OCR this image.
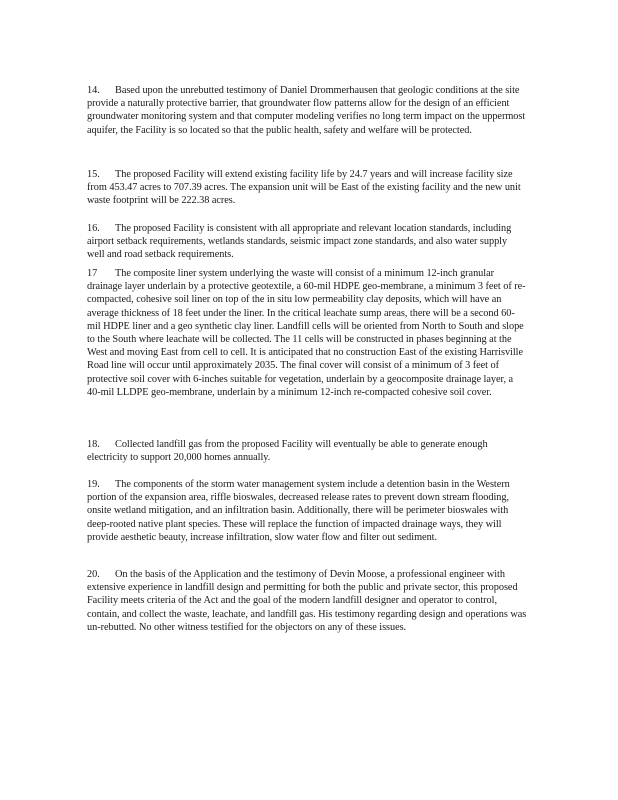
14. Based upon the unrebutted testimony of Daniel Drommerhausen that geologic conditions at the site provide a naturally protective barrier, that groundwater flow patterns allow for the design of an efficient groundwater monitoring system and that computer modeling verifies no long term impact on the uppermost aquifer, the Facility is so located so that the public health, safety and welfare will be protected.

15. The proposed Facility will extend existing facility life by 24.7 years and will increase facility size from 453.47 acres to 707.39 acres. The expansion unit will be East of the existing facility and the new unit waste footprint will be 222.38 acres.

16. The proposed Facility is consistent with all appropriate and relevant location standards, including airport setback requirements, wetlands standards, seismic impact zone standards, and also water supply well and road setback requirements.

17 The composite liner system underlying the waste will consist of a minimum 12-inch granular drainage layer underlain by a protective geotextile, a 60-mil HDPE geo-membrane, a minimum 3 feet of re-compacted, cohesive soil liner on top of the in situ low permeability clay deposits, which will have an average thickness of 18 feet under the liner. In the critical leachate sump areas, there will be a second 60-mil HDPE liner and a geo synthetic clay liner. Landfill cells will be oriented from North to South and slope to the South where leachate will be collected. The 11 cells will be constructed in phases beginning at the West and moving East from cell to cell. It is anticipated that no construction East of the existing Harrisville Road line will occur until approximately 2035. The final cover will consist of a minimum of 3 feet of protective soil cover with 6-inches suitable for vegetation, underlain by a geocomposite drainage layer, a 40-mil LLDPE geo-membrane, underlain by a minimum 12-inch re-compacted cohesive soil cover.

18. Collected landfill gas from the proposed Facility will eventually be able to generate enough electricity to support 20,000 homes annually.

19. The components of the storm water management system include a detention basin in the Western portion of the expansion area, riffle bioswales, decreased release rates to prevent down stream flooding, onsite wetland mitigation, and an infiltration basin. Additionally, there will be perimeter bioswales with deep-rooted native plant species. These will replace the function of impacted drainage ways, they will provide aesthetic beauty, increase infiltration, slow water flow and filter out sediment.

20. On the basis of the Application and the testimony of Devin Moose, a professional engineer with extensive experience in landfill design and permitting for both the public and private sector, this proposed Facility meets criteria of the Act and the goal of the modern landfill designer and operator to control, contain, and collect the waste, leachate, and landfill gas. His testimony regarding design and operations was un-rebutted. No other witness testified for the objectors on any of these issues.
